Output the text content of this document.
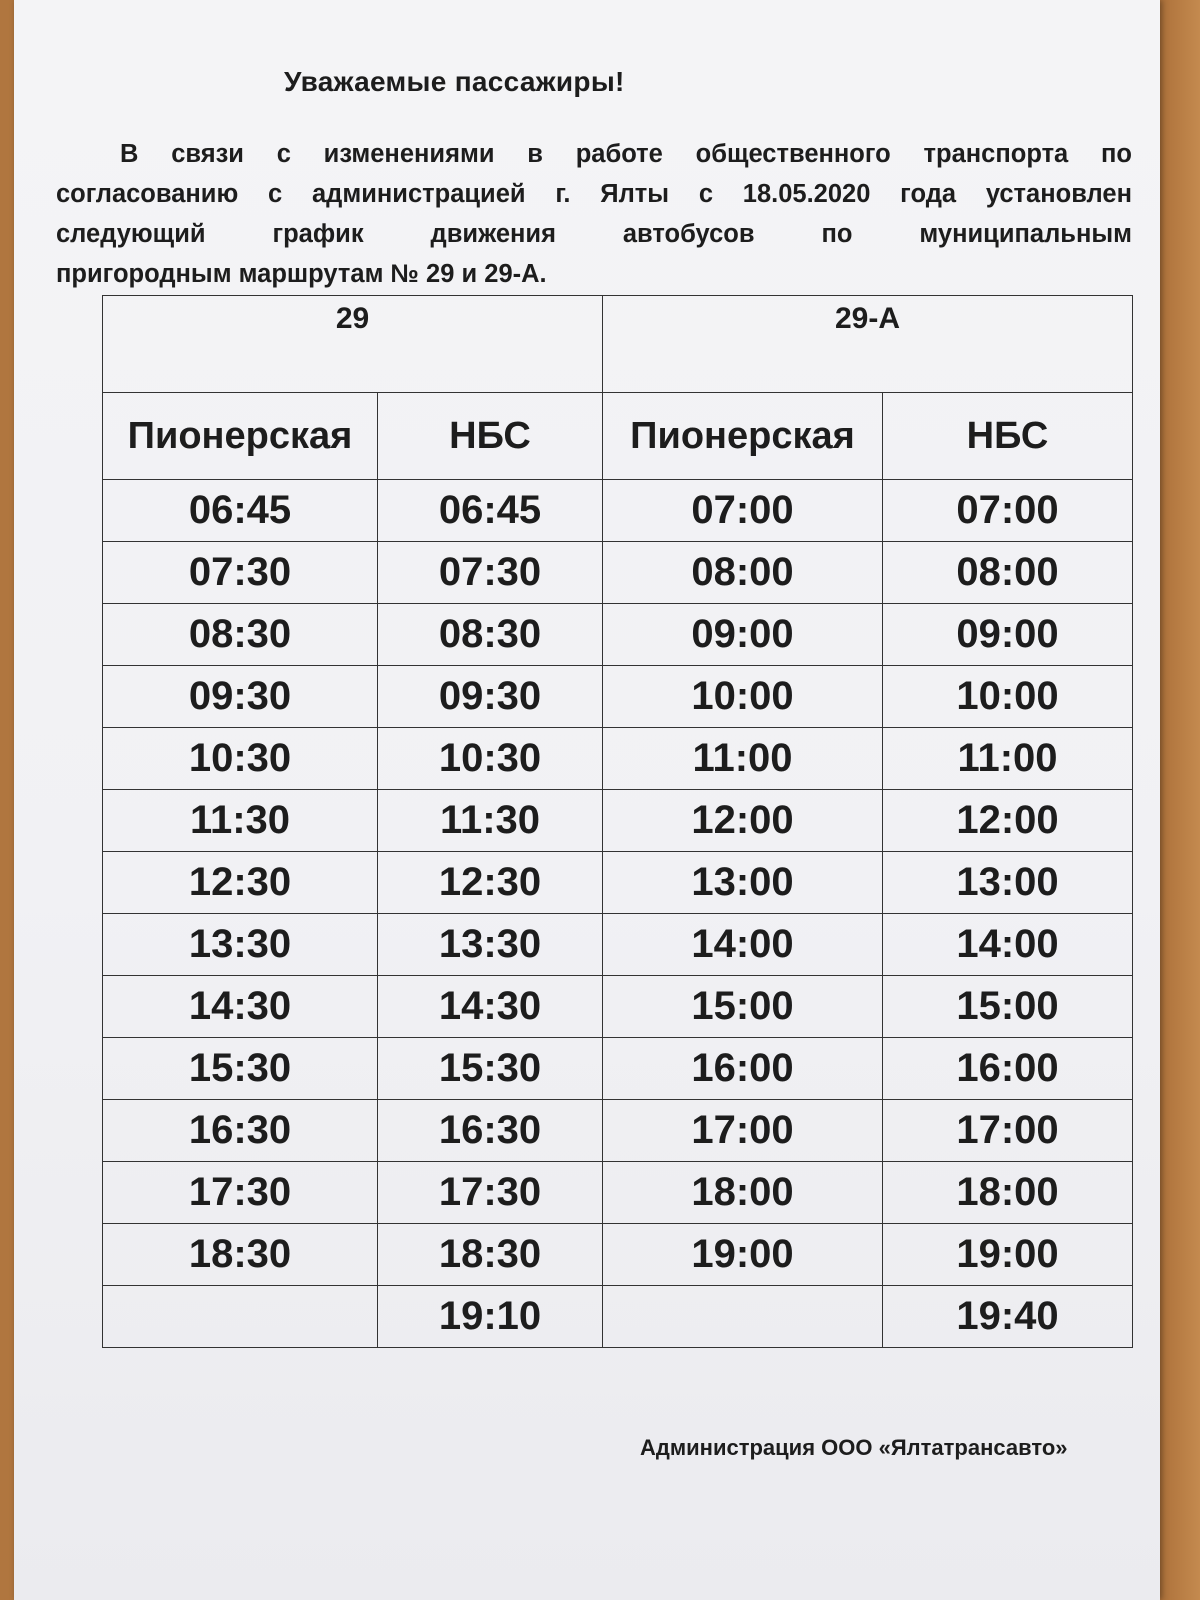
Уважаемые пассажиры!
В связи с изменениями в работе общественного транспорта по
согласованию с администрацией г. Ялты с 18.05.2020 года установлен
следующий график движения автобусов по муниципальным
пригородным маршрутам № 29 и 29-А.
29		29-А	
Пионерская	НБС	Пионерская	НБС
06:45	06:45	07:00	07:00
07:30	07:30	08:00	08:00
08:30	08:30	09:00	09:00
09:30	09:30	10:00	10:00
10:30	10:30	11:00	11:00
11:30	11:30	12:00	12:00
12:30	12:30	13:00	13:00
13:30	13:30	14:00	14:00
14:30	14:30	15:00	15:00
15:30	15:30	16:00	16:00
16:30	16:30	17:00	17:00
17:30	17:30	18:00	18:00
18:30	18:30	19:00	19:00
	19:10		19:40
Администрация ООО «Ялтатрансавто»
